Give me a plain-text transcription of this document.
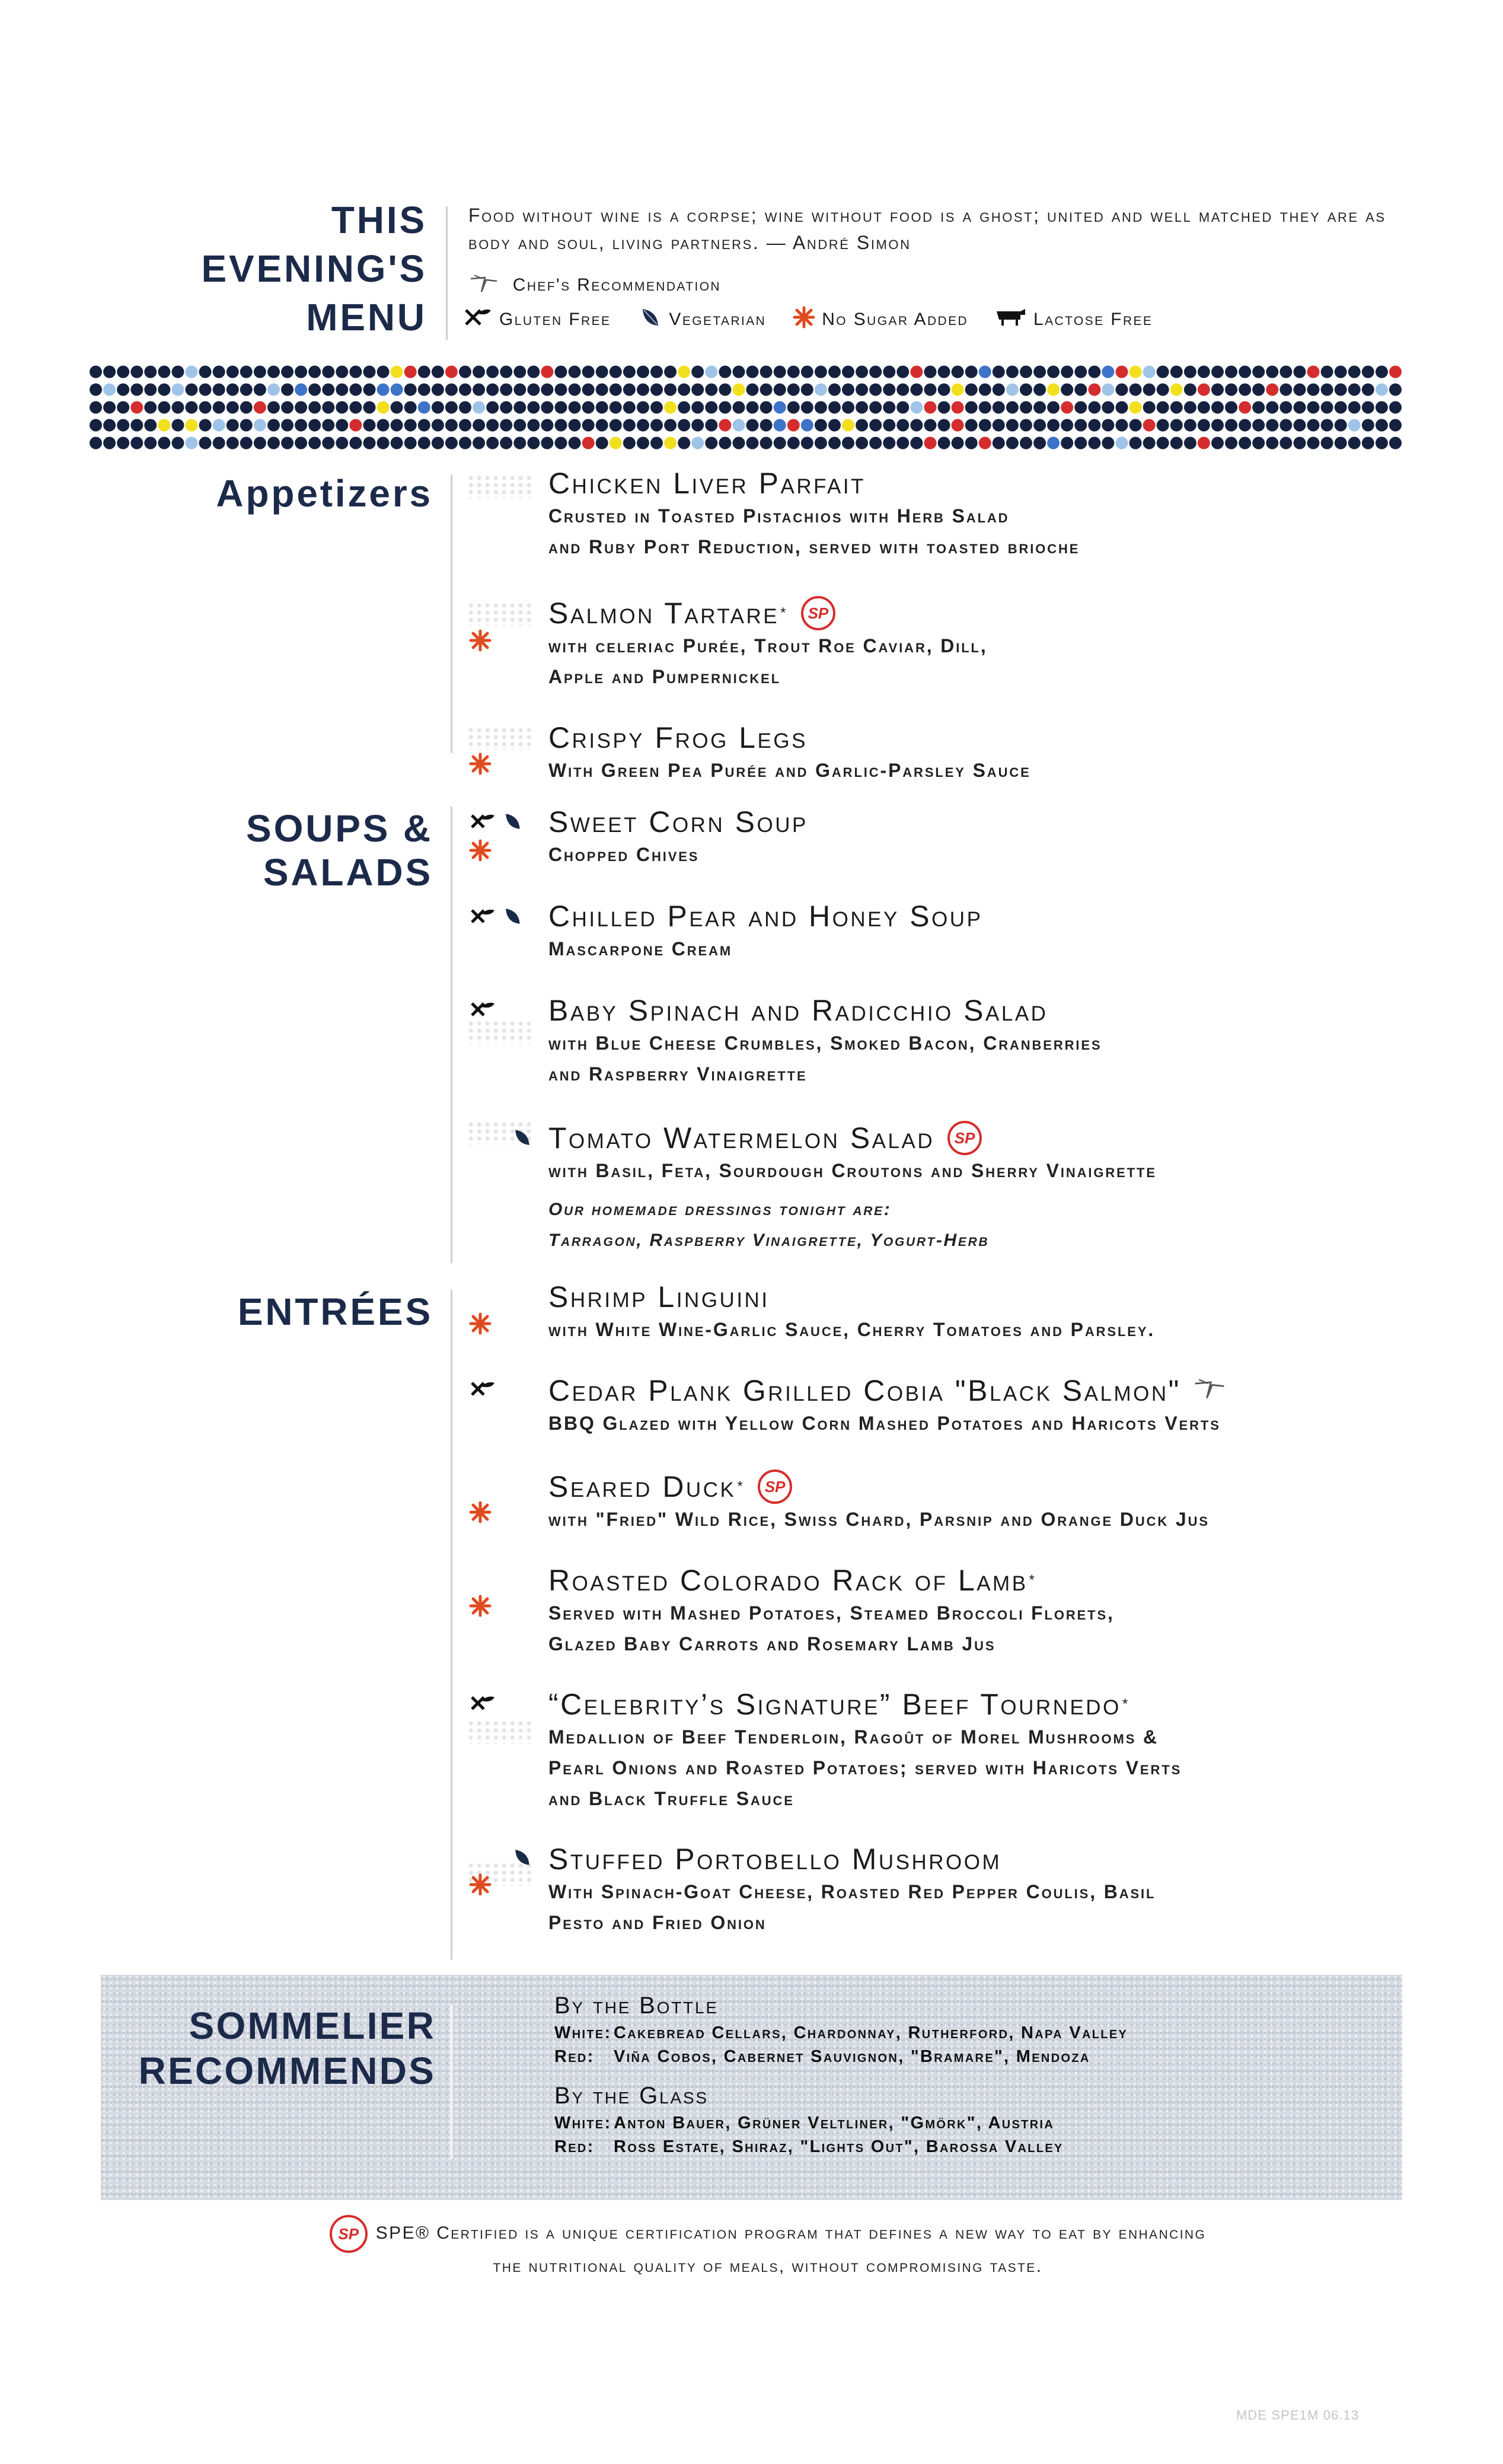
THIS
EVENING'S
MENU
Food without wine is a corpse; wine without food is a ghost; united and well matched they are as body and soul, living partners. — André Simon
Chef's Recommendation
Gluten Free	Vegetarian	No Sugar Added	Lactose Free
Appetizers	Chicken Liver Parfait
Crusted in Toasted Pistachios with Herb Salad
and Ruby Port Reduction, served with toasted brioche
Salmon Tartare *	SP
with celeriac Purée, Trout Roe Caviar, Dill,
Apple and Pumpernickel
Crispy Frog Legs
With Green Pea Purée and Garlic-Parsley Sauce
SOUPS &
SALADS

Sweet Corn Soup
Chopped Chives

Chilled Pear and Honey Soup
Mascarpone Cream
Baby Spinach and Radicchio Salad
with Blue Cheese Crumbles, Smoked Bacon, Cranberries
and Raspberry Vinaigrette
Tomato Watermelon Salad	SP
with Basil, Feta, Sourdough Croutons and Sherry Vinaigrette
Our homemade dressings tonight are:
Tarragon, Raspberry Vinaigrette, Yogurt-Herb
ENTRÉES	Shrimp Linguini
with White Wine-Garlic Sauce, Cherry Tomatoes and Parsley.
Cedar Plank Grilled Cobia "Black Salmon"
BBQ Glazed with Yellow Corn Mashed Potatoes and Haricots Verts
Seared Duck *	SP
with "Fried" Wild Rice, Swiss Chard, Parsnip and Orange Duck Jus
Roasted Colorado Rack of Lamb *
Served with Mashed Potatoes, Steamed Broccoli Florets,
Glazed Baby Carrots and Rosemary Lamb Jus
“Celebrity’s Signature” Beef Tournedo *
Medallion of Beef Tenderloin, Ragoût of Morel Mushrooms &
Pearl Onions and Roasted Potatoes; served with Haricots Verts
and Black Truffle Sauce
Stuffed Portobello Mushroom
With Spinach-Goat Cheese, Roasted Red Pepper Coulis, Basil
Pesto and Fried Onion
SOMMELIER
RECOMMENDS
By the Bottle
White: Cakebread Cellars, Chardonnay, Rutherford, Napa Valley
Red: Viña Cobos, Cabernet Sauvignon, "Bramare", Mendoza
By the Glass
White: Anton Bauer, Grüner Veltliner, "Gmörk", Austria
Red: Ross Estate, Shiraz, "Lights Out", Barossa Valley
SP SPE® Certified is a unique certification program that defines a new way to eat by enhancing
the nutritional quality of meals, without compromising taste.
MDE SPE1M 06.13
